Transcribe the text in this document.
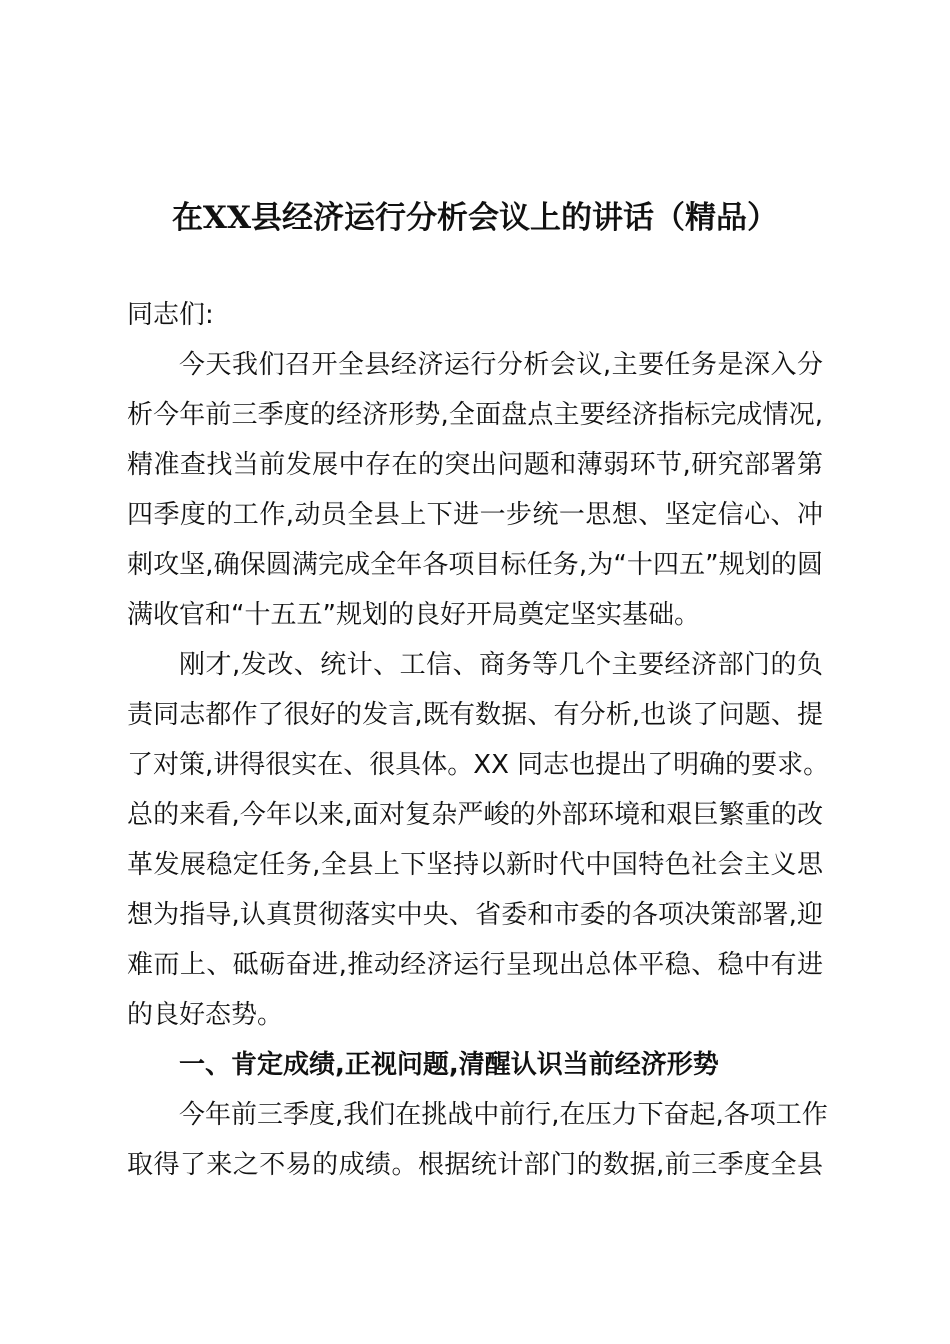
在XX县经济运行分析会议上的讲话（精品）
同志们:
今天我们召开全县经济运行分析会议,主要任务是深入分
析今年前三季度的经济形势,全面盘点主要经济指标完成情况,
精准查找当前发展中存在的突出问题和薄弱环节,研究部署第
四季度的工作,动员全县上下进一步统一思想、坚定信心、冲
刺攻坚,确保圆满完成全年各项目标任务,为“十四五”规划的圆
满收官和“十五五”规划的良好开局奠定坚实基础。
刚才,发改、统计、工信、商务等几个主要经济部门的负
责同志都作了很好的发言,既有数据、有分析,也谈了问题、提
了对策,讲得很实在、很具体。XX 同志也提出了明确的要求。
总的来看,今年以来,面对复杂严峻的外部环境和艰巨繁重的改
革发展稳定任务,全县上下坚持以新时代中国特色社会主义思
想为指导,认真贯彻落实中央、省委和市委的各项决策部署,迎
难而上、砥砺奋进,推动经济运行呈现出总体平稳、稳中有进
的良好态势。
一、肯定成绩,正视问题,清醒认识当前经济形势
今年前三季度,我们在挑战中前行,在压力下奋起,各项工作
取得了来之不易的成绩。根据统计部门的数据,前三季度全县
